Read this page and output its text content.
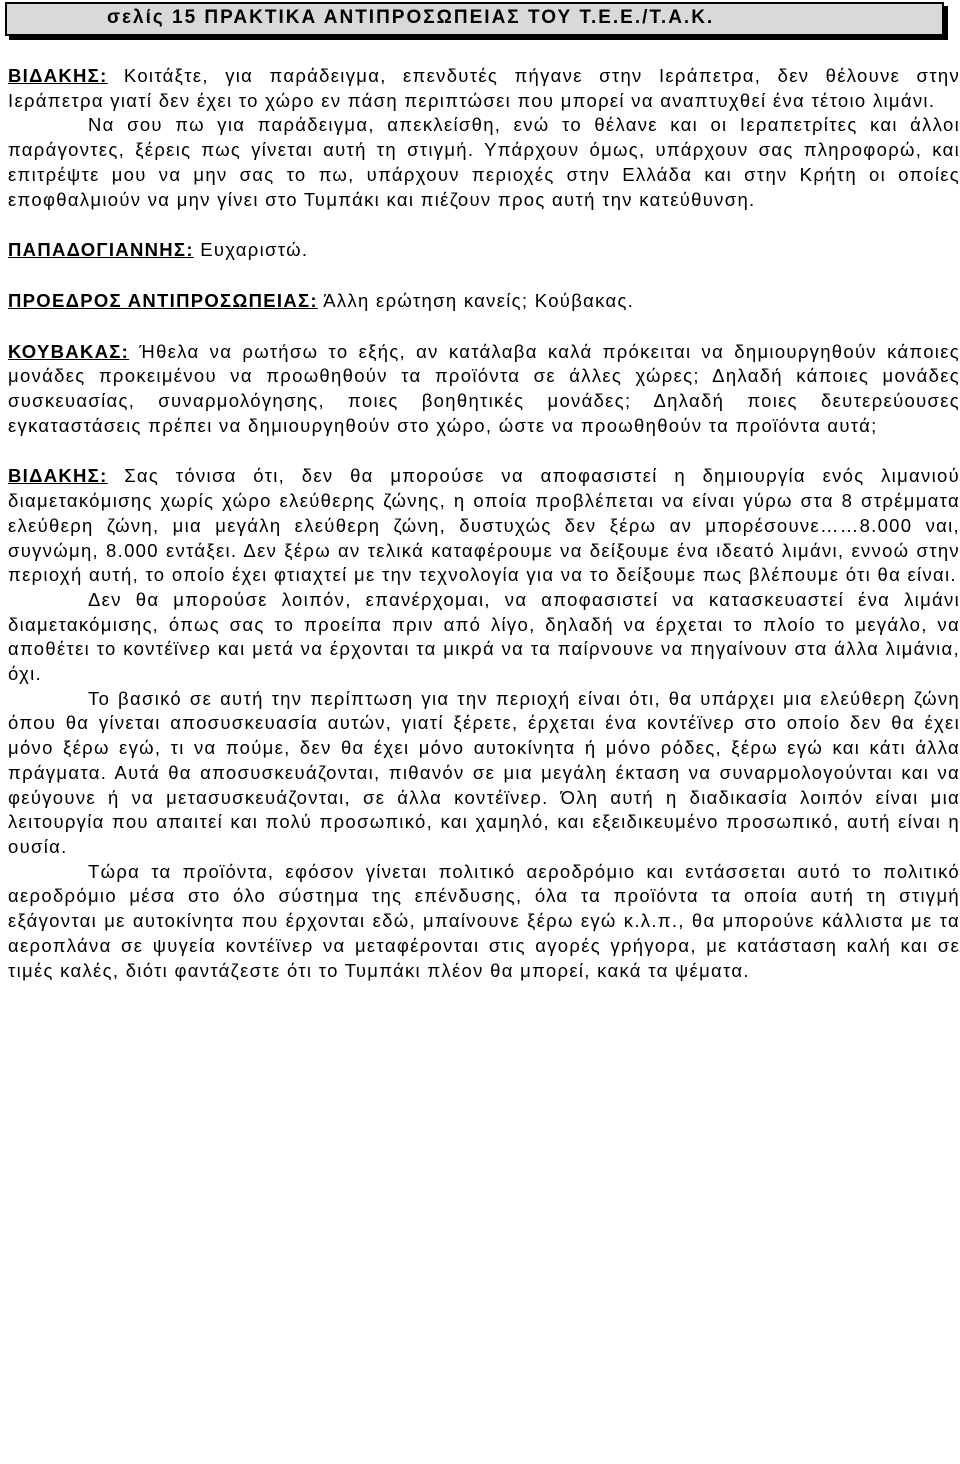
σελίς 15 ΠΡΑΚΤΙΚΑ ΑΝΤΙΠΡΟΣΩΠΕΙΑΣ ΤΟΥ Τ.Ε.Ε./Τ.Α.Κ.

ΒΙΔΑΚΗΣ: Κοιτάξτε, για παράδειγμα, επενδυτές πήγανε στην Ιεράπετρα, δεν θέλουνε στην Ιεράπετρα γιατί δεν έχει το χώρο εν πάση περιπτώσει που μπορεί να αναπτυχθεί ένα τέτοιο λιμάνι.

Να σου πω για παράδειγμα, απεκλείσθη, ενώ το θέλανε και οι Ιεραπετρίτες και άλλοι παράγοντες, ξέρεις πως γίνεται αυτή τη στιγμή. Υπάρχουν όμως, υπάρχουν σας πληροφορώ, και επιτρέψτε μου να μην σας το πω, υπάρχουν περιοχές στην Ελλάδα και στην Κρήτη οι οποίες εποφθαλμιούν να μην γίνει στο Τυμπάκι και πιέζουν προς αυτή την κατεύθυνση.

ΠΑΠΑΔΟΓΙΑΝΝΗΣ: Ευχαριστώ.

ΠΡΟΕΔΡΟΣ ΑΝΤΙΠΡΟΣΩΠΕΙΑΣ: Άλλη ερώτηση κανείς; Κούβακας.

ΚΟΥΒΑΚΑΣ: Ήθελα να ρωτήσω το εξής, αν κατάλαβα καλά πρόκειται να δημιουργηθούν κάποιες μονάδες προκειμένου να προωθηθούν τα προϊόντα σε άλλες χώρες; Δηλαδή κάποιες μονάδες συσκευασίας, συναρμολόγησης, ποιες βοηθητικές μονάδες; Δηλαδή ποιες δευτερεύουσες εγκαταστάσεις πρέπει να δημιουργηθούν στο χώρο, ώστε να προωθηθούν τα προϊόντα αυτά;

ΒΙΔΑΚΗΣ: Σας τόνισα ότι, δεν θα μπορούσε να αποφασιστεί η δημιουργία ενός λιμανιού διαμετακόμισης χωρίς χώρο ελεύθερης ζώνης, η οποία προβλέπεται να είναι γύρω στα 8 στρέμματα ελεύθερη ζώνη, μια μεγάλη ελεύθερη ζώνη, δυστυχώς δεν ξέρω αν μπορέσουνε……8.000 ναι, συγνώμη, 8.000 εντάξει. Δεν ξέρω αν τελικά καταφέρουμε να δείξουμε ένα ιδεατό λιμάνι, εννοώ στην περιοχή αυτή, το οποίο έχει φτιαχτεί με την τεχνολογία για να το δείξουμε πως βλέπουμε ότι θα είναι.

Δεν θα μπορούσε λοιπόν, επανέρχομαι, να αποφασιστεί να κατασκευαστεί ένα λιμάνι διαμετακόμισης, όπως σας το προείπα πριν από λίγο, δηλαδή να έρχεται το πλοίο το μεγάλο, να αποθέτει το κοντέϊνερ και μετά να έρχονται τα μικρά να τα παίρνουνε να πηγαίνουν στα άλλα λιμάνια, όχι.

Το βασικό σε αυτή την περίπτωση για την περιοχή είναι ότι, θα υπάρχει μια ελεύθερη ζώνη όπου θα γίνεται αποσυσκευασία αυτών, γιατί ξέρετε, έρχεται ένα κοντέϊνερ στο οποίο δεν θα έχει μόνο ξέρω εγώ, τι να πούμε, δεν θα έχει μόνο αυτοκίνητα ή μόνο ρόδες, ξέρω εγώ και κάτι άλλα πράγματα. Αυτά θα αποσυσκευάζονται, πιθανόν σε μια μεγάλη έκταση να συναρμολογούνται και να φεύγουνε ή να μετασυσκευάζονται, σε άλλα κοντέϊνερ. Όλη αυτή η διαδικασία λοιπόν είναι μια λειτουργία που απαιτεί και πολύ προσωπικό, και χαμηλό, και εξειδικευμένο προσωπικό, αυτή είναι η ουσία.

Τώρα τα προϊόντα, εφόσον γίνεται πολιτικό αεροδρόμιο και εντάσσεται αυτό το πολιτικό αεροδρόμιο μέσα στο όλο σύστημα της επένδυσης, όλα τα προϊόντα τα οποία αυτή τη στιγμή εξάγονται με αυτοκίνητα που έρχονται εδώ, μπαίνουνε ξέρω εγώ κ.λ.π., θα μπορούνε κάλλιστα με τα αεροπλάνα σε ψυγεία κοντέϊνερ να μεταφέρονται στις αγορές γρήγορα, με κατάσταση καλή και σε τιμές καλές, διότι φαντάζεστε ότι το Τυμπάκι πλέον θα μπορεί, κακά τα ψέματα.
